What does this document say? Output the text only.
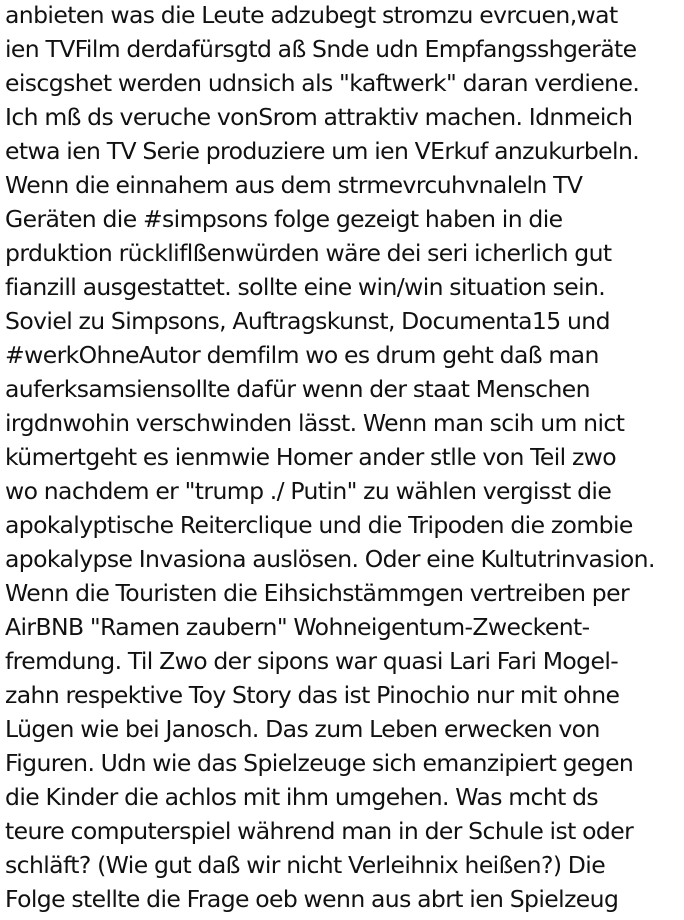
anbieten was die Leute adzubegt stromzu evrcuen,wat
ien TVFilm derdafürsgtd aß Snde udn Empfangsshgeräte
eiscgshet werden udnsich als "kaftwerk" daran verdiene.
Ich mß ds veruche vonSrom attraktiv machen. Idnmeich
etwa ien TV Serie produziere um ien VErkuf anzukurbeln.
Wenn die einnahem aus dem strmevrcuhvnaleln TV
Geräten die #simpsons folge gezeigt haben in die
prduktion rückliflßenwürden wäre dei seri icherlich gut
fianzill ausgestattet. sollte eine win/win situation sein.
Soviel zu Simpsons, Auftragskunst, Documenta15 und
#werkOhneAutor demfilm wo es drum geht daß man
auferksamsiensollte dafür wenn der staat Menschen
irgdnwohin verschwinden lässt. Wenn man scih um nict
kümertgeht es ienmwie Homer ander stlle von Teil zwo
wo nachdem er "trump ./ Putin" zu wählen vergisst die
apokalyptische Reiterclique und die Tripoden die zombie
apokalypse Invasiona auslösen. Oder eine Kultutrinvasion.
Wenn die Touristen die Eihsichstämmgen vertreiben per
AirBNB "Ramen zaubern" Wohneigentum-Zweckent-
fremdung. Til Zwo der sipons war quasi Lari Fari Mogel-
zahn respektive Toy Story das ist Pinochio nur mit ohne
Lügen wie bei Janosch. Das zum Leben erwecken von
Figuren. Udn wie das Spielzeuge sich emanzipiert gegen
die Kinder die achlos mit ihm umgehen. Was mcht ds
teure computerspiel während man in der Schule ist oder
schläft? (Wie gut daß wir nicht Verleihnix heißen?) Die
Folge stellte die Frage oeb wenn aus abrt ien Spielzeug
